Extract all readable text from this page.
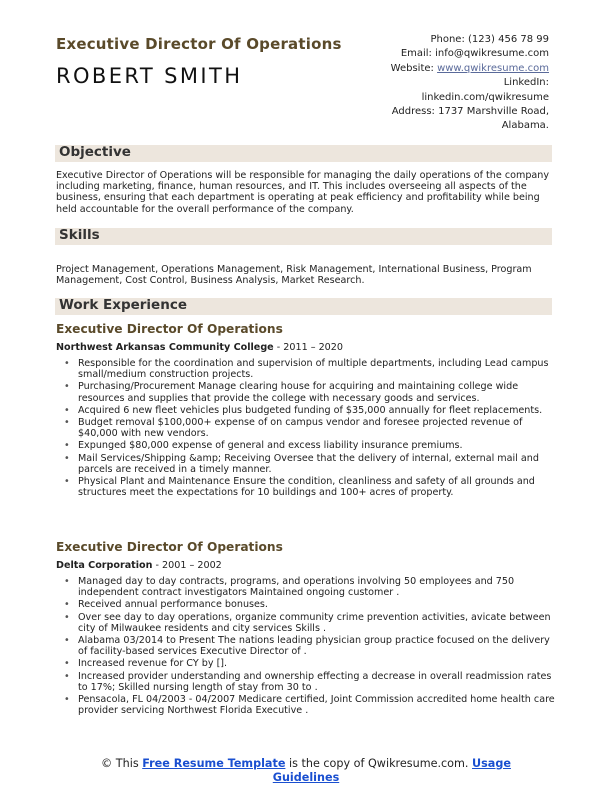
Executive Director Of Operations
ROBERT SMITH
Phone: (123) 456 78 99
Email: info@qwikresume.com
Website: www.qwikresume.com
LinkedIn:
linkedin.com/qwikresume
Address: 1737 Marshville Road,
Alabama.
Objective
Executive Director of Operations will be responsible for managing the daily operations of the company including marketing, finance, human resources, and IT. This includes overseeing all aspects of the business, ensuring that each department is operating at peak efficiency and profitability while being held accountable for the overall performance of the company.
Skills
Project Management, Operations Management, Risk Management, International Business, Program Management, Cost Control, Business Analysis, Market Research.
Work Experience
Executive Director Of Operations
Northwest Arkansas Community College - 2011 – 2020
• Responsible for the coordination and supervision of multiple departments, including Lead campus small/medium construction projects.
• Purchasing/Procurement Manage clearing house for acquiring and maintaining college wide resources and supplies that provide the college with necessary goods and services.
• Acquired 6 new fleet vehicles plus budgeted funding of $35,000 annually for fleet replacements.
• Budget removal $100,000+ expense of on campus vendor and foresee projected revenue of $40,000 with new vendors.
• Expunged $80,000 expense of general and excess liability insurance premiums.
• Mail Services/Shipping &amp; Receiving Oversee that the delivery of internal, external mail and parcels are received in a timely manner.
• Physical Plant and Maintenance Ensure the condition, cleanliness and safety of all grounds and structures meet the expectations for 10 buildings and 100+ acres of property.
Executive Director Of Operations
Delta Corporation - 2001 – 2002
• Managed day to day contracts, programs, and operations involving 50 employees and 750 independent contract investigators Maintained ongoing customer .
• Received annual performance bonuses.
• Over see day to day operations, organize community crime prevention activities, avicate between city of Milwaukee residents and city services Skills .
• Alabama 03/2014 to Present The nations leading physician group practice focused on the delivery of facility-based services Executive Director of .
• Increased revenue for CY by [].
• Increased provider understanding and ownership effecting a decrease in overall readmission rates to 17%; Skilled nursing length of stay from 30 to .
• Pensacola, FL 04/2003 - 04/2007 Medicare certified, Joint Commission accredited home health care provider servicing Northwest Florida Executive .
© This Free Resume Template is the copy of Qwikresume.com. Usage
Guidelines
